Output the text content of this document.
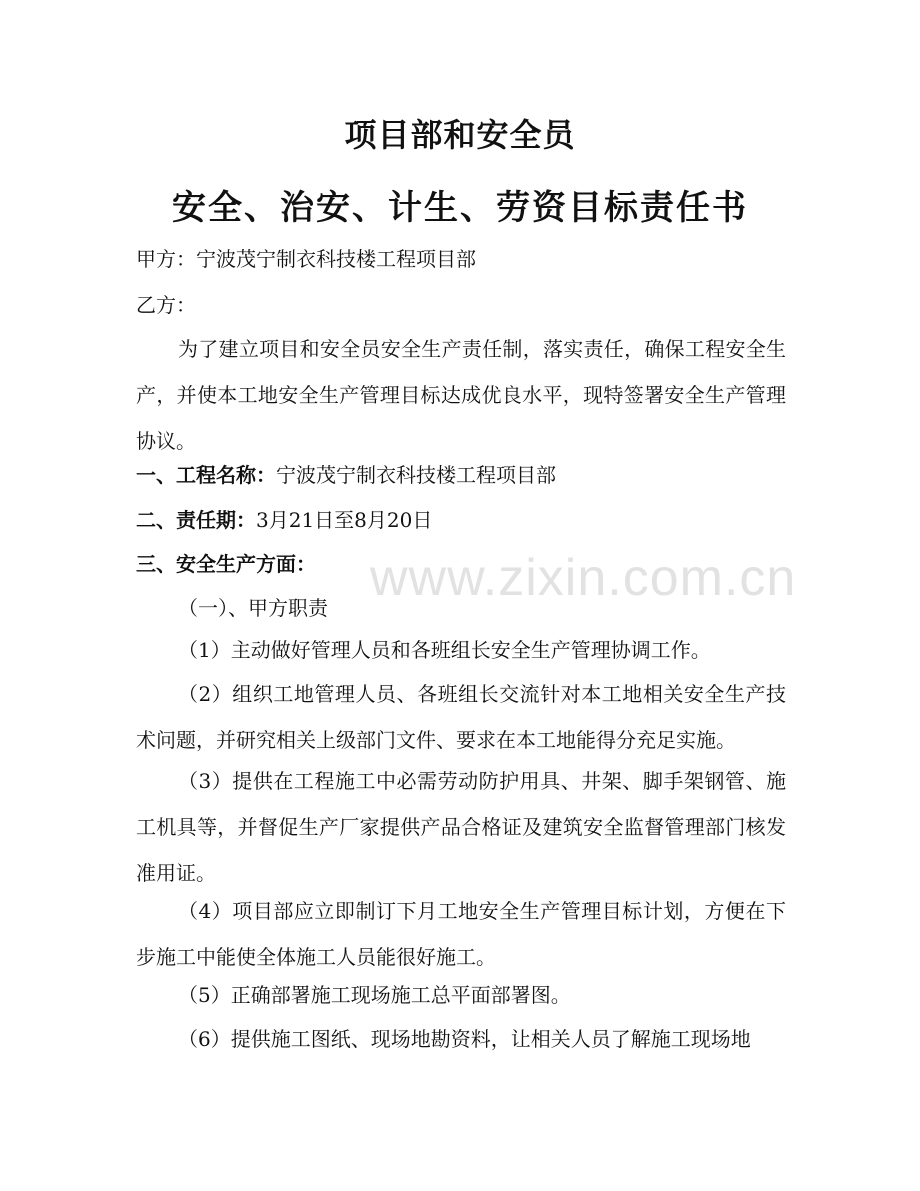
项目部和安全员
安全、治安、计生、劳资目标责任书
甲方：宁波茂宁制衣科技楼工程项目部
乙方：
为了建立项目和安全员安全生产责任制，落实责任，确保工程安全生产，并使本工地安全生产管理目标达成优良水平，现特签署安全生产管理协议。
一、工程名称：宁波茂宁制衣科技楼工程项目部
二、责任期：3月21日至8月20日
三、安全生产方面：
（一）、甲方职责
（1）主动做好管理人员和各班组长安全生产管理协调工作。
（2）组织工地管理人员、各班组长交流针对本工地相关安全生产技术问题，并研究相关上级部门文件、要求在本工地能得分充足实施。
（3）提供在工程施工中必需劳动防护用具、井架、脚手架钢管、施工机具等，并督促生产厂家提供产品合格证及建筑安全监督管理部门核发准用证。
（4）项目部应立即制订下月工地安全生产管理目标计划，方便在下步施工中能使全体施工人员能很好施工。
（5）正确部署施工现场施工总平面部署图。
（6）提供施工图纸、现场地勘资料，让相关人员了解施工现场地
www.zixin.com.cn
